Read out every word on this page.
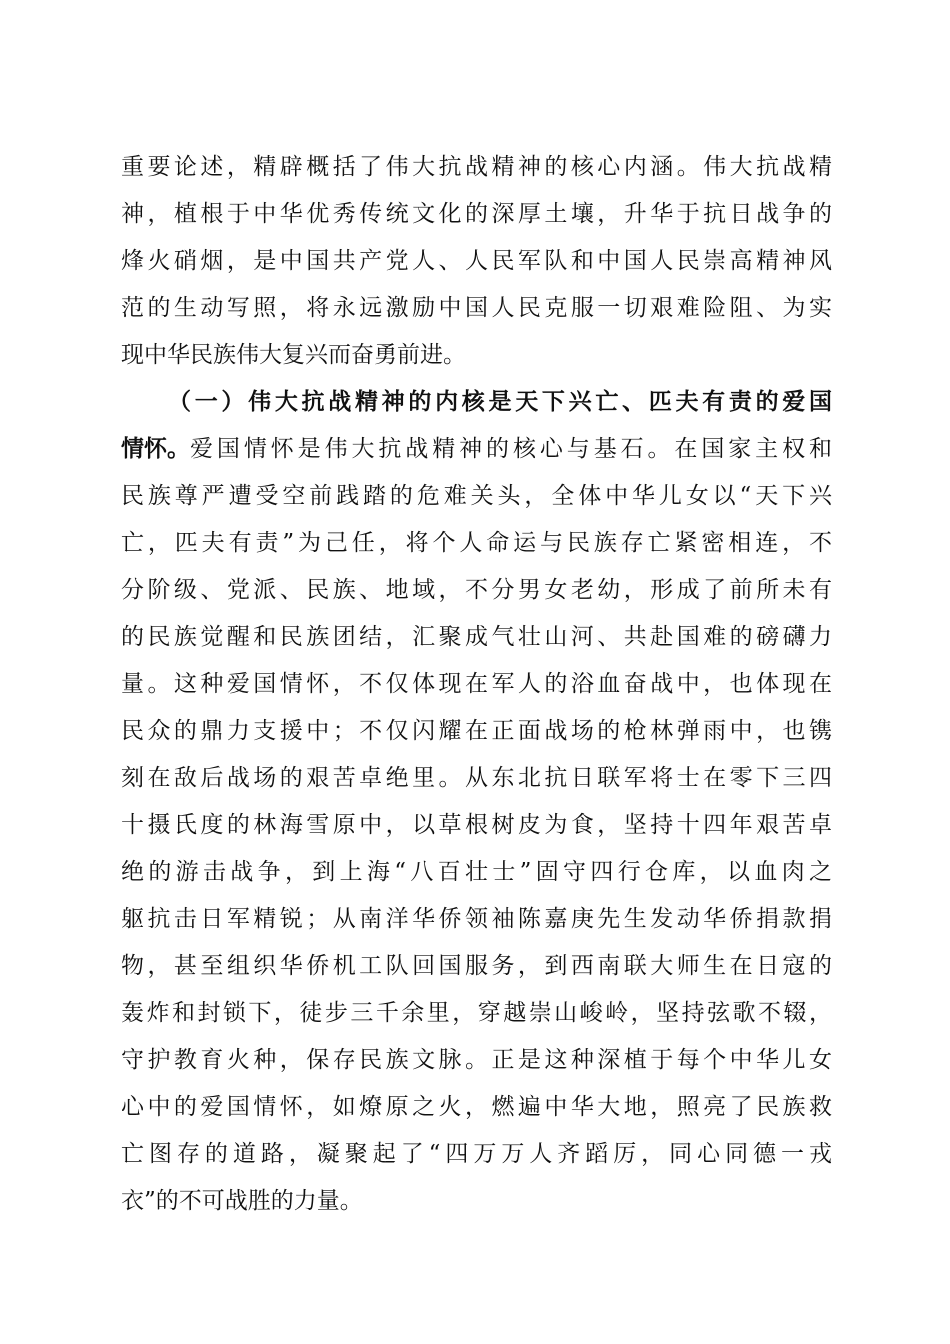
重要论述，精辟概括了伟大抗战精神的核心内涵。伟大抗战精
神，植根于中华优秀传统文化的深厚土壤，升华于抗日战争的
烽火硝烟，是中国共产党人、人民军队和中国人民崇高精神风
范的生动写照，将永远激励中国人民克服一切艰难险阻、为实
现中华民族伟大复兴而奋勇前进。
（一）伟大抗战精神的内核是天下兴亡、匹夫有责的爱国
情怀。 爱国情怀是伟大抗战精神的核心与基石。在国家主权和
民族尊严遭受空前践踏的危难关头，全体中华儿女以“天下兴
亡，匹夫有责”为己任，将个人命运与民族存亡紧密相连，不
分阶级、党派、民族、地域，不分男女老幼，形成了前所未有
的民族觉醒和民族团结，汇聚成气壮山河、共赴国难的磅礴力
量。这种爱国情怀，不仅体现在军人的浴血奋战中，也体现在
民众的鼎力支援中；不仅闪耀在正面战场的枪林弹雨中，也镌
刻在敌后战场的艰苦卓绝里。从东北抗日联军将士在零下三四
十摄氏度的林海雪原中，以草根树皮为食，坚持十四年艰苦卓
绝的游击战争，到上海“八百壮士”固守四行仓库，以血肉之
躯抗击日军精锐；从南洋华侨领袖陈嘉庚先生发动华侨捐款捐
物，甚至组织华侨机工队回国服务，到西南联大师生在日寇的
轰炸和封锁下，徒步三千余里，穿越崇山峻岭，坚持弦歌不辍，
守护教育火种，保存民族文脉。正是这种深植于每个中华儿女
心中的爱国情怀，如燎原之火，燃遍中华大地，照亮了民族救
亡图存的道路，凝聚起了“四万万人齐蹈厉，同心同德一戎
衣”的不可战胜的力量。
